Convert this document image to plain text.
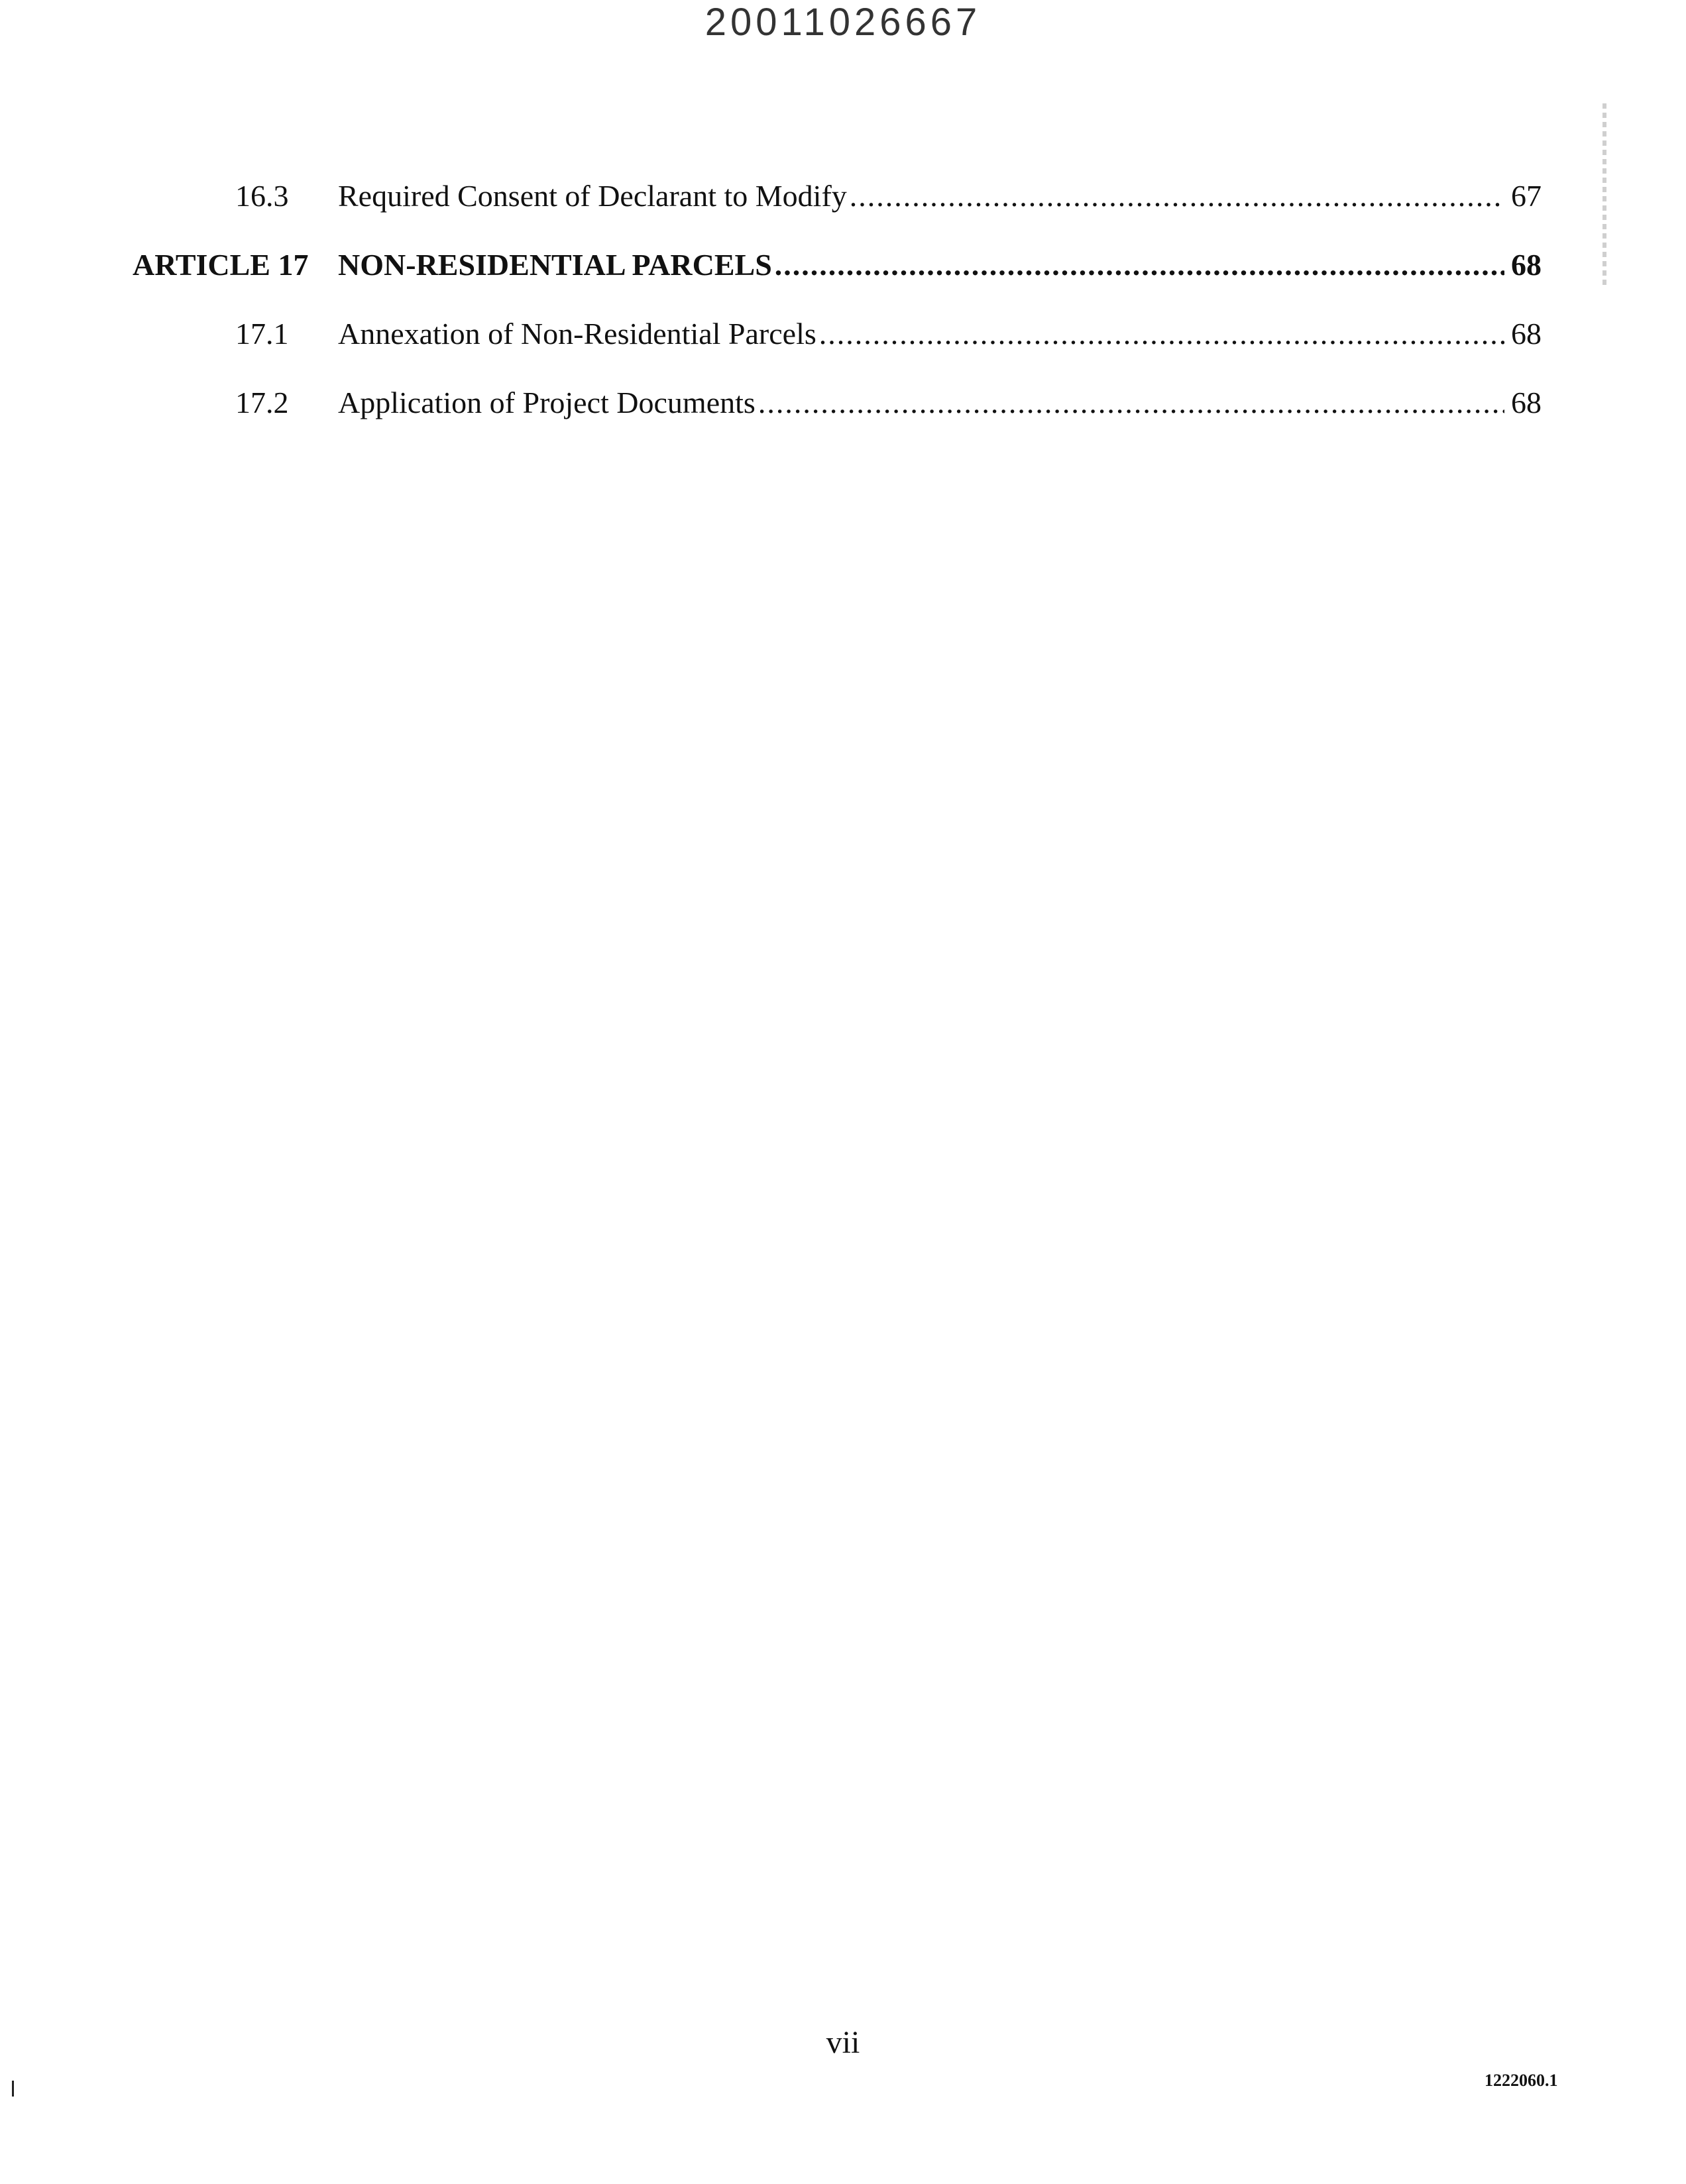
20011026667
16.3	Required Consent of Declarant to Modify .....	67
ARTICLE 17 NON-RESIDENTIAL PARCELS .....	68
17.1	Annexation of Non-Residential Parcels .....	68
17.2	Application of Project Documents .....	68
vii
1222060.1
